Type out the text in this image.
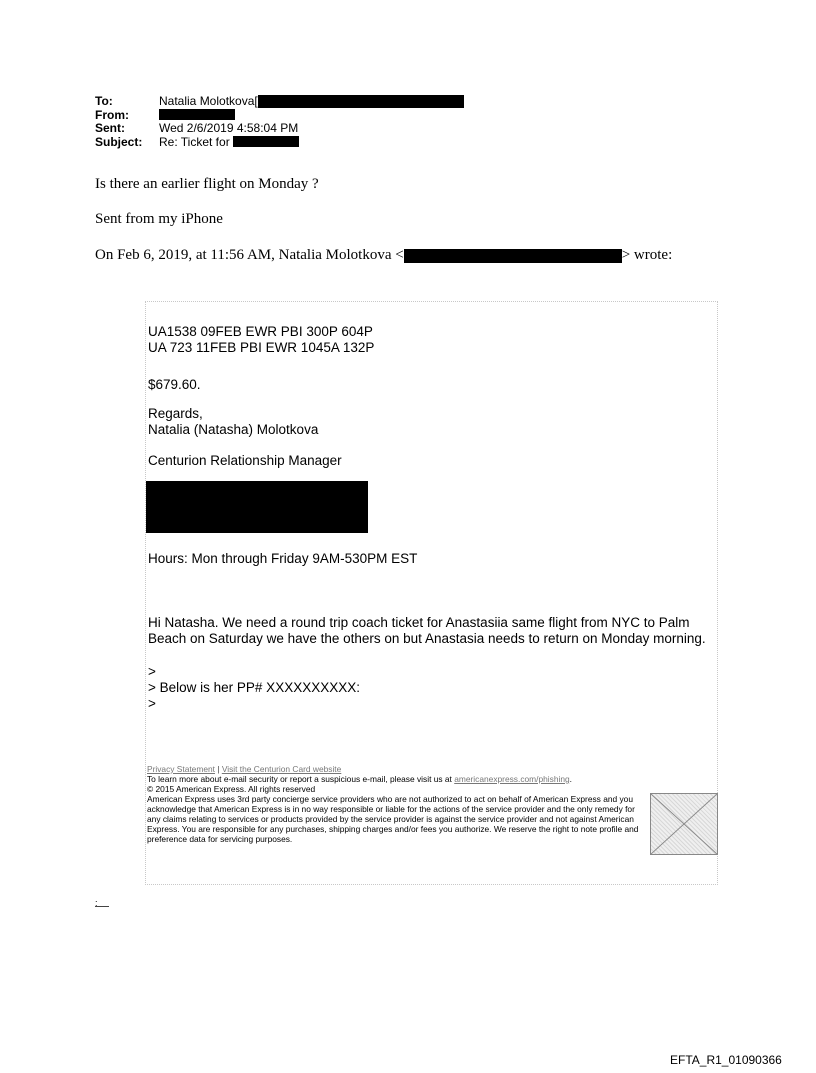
To:	Natalia Molotkova [
From:
Sent:	Wed 2/6/2019 4:58:04 PM
Subject:	Re: Ticket for

Is there an earlier flight on Monday ?
Sent from my iPhone
On Feb 6, 2019, at 11:56 AM, Natalia Molotkova <	> wrote:
UA1538 09FEB EWR PBI 300P 604P
UA 723 11FEB PBI EWR 1045A 132P
$679.60.
Regards,
Natalia (Natasha) Molotkova
Centurion Relationship Manager
Hours: Mon through Friday 9AM-530PM EST
Hi Natasha. We need a round trip coach ticket for Anastasiia same flight from NYC to Palm Beach on Saturday we have the others on but Anastasia needs to return on Monday morning.
>
> Below is her PP# XXXXXXXXXX:
>

Privacy Statement | Visit the Centurion Card website

To learn more about e-mail security or report a suspicious e-mail, please visit us at americanexpress.com/phishing.

© 2015 American Express. All rights reserved

American Express uses 3rd party concierge service providers who are not authorized to act on behalf of American Express and you acknowledge that American Express is in no way responsible or liable for the actions of the service provider and the only remedy for any claims relating to services or products provided by the service provider is against the service provider and not against American Express. You are responsible for any purchases, shipping charges and/or fees you authorize. We reserve the right to note profile and preference data for servicing purposes.

:
EFTA_R1_01090366
